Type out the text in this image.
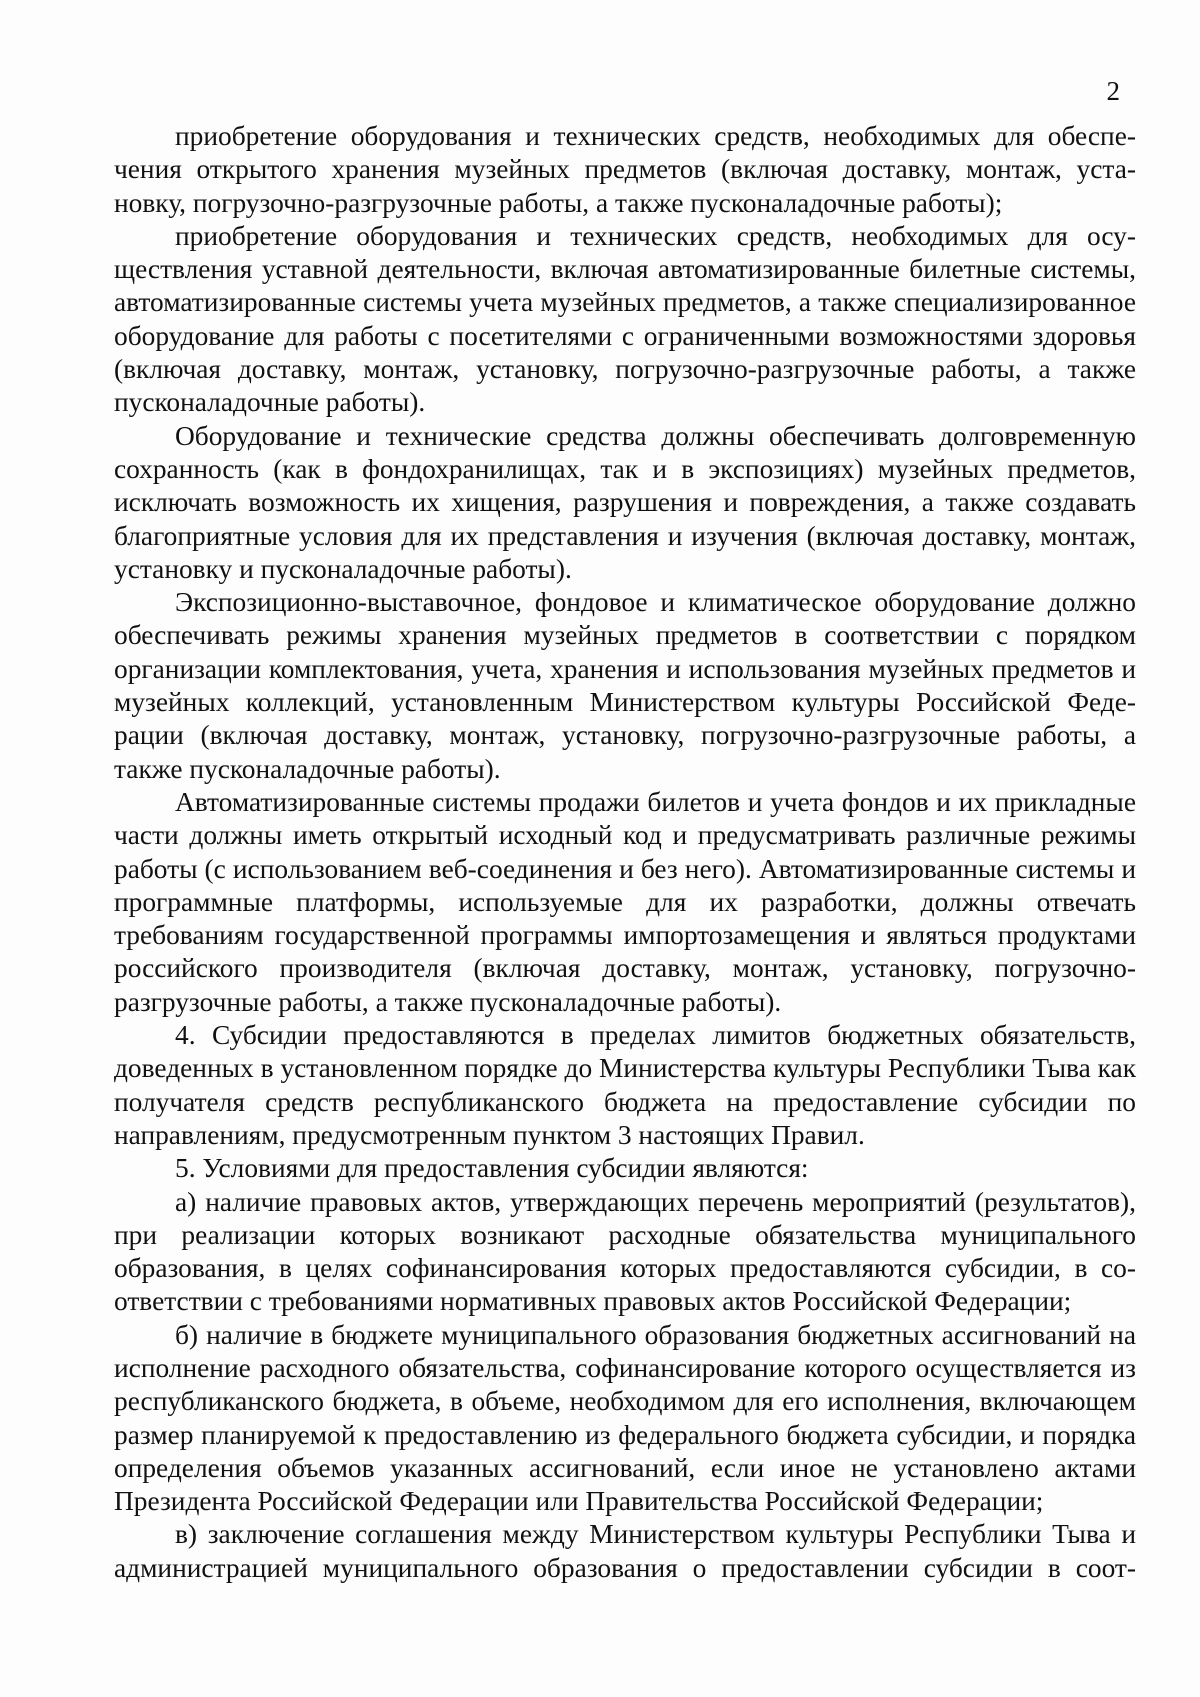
2

приобретение оборудования и технических средств, необходимых для обеспечения открытого хранения музейных предметов (включая доставку, монтаж, установку, погрузочно-разгрузочные работы, а также пусконаладочные работы);

приобретение оборудования и технических средств, необходимых для осуществления уставной деятельности, включая автоматизированные билетные системы, автоматизированные системы учета музейных предметов, а также специализированное оборудование для работы с посетителями с ограниченными возможностями здоровья (включая доставку, монтаж, установку, погрузочно-разгрузочные работы, а также пусконаладочные работы).

Оборудование и технические средства должны обеспечивать долговременную сохранность (как в фондохранилищах, так и в экспозициях) музейных предметов, исключать возможность их хищения, разрушения и повреждения, а также создавать благоприятные условия для их представления и изучения (включая доставку, монтаж, установку и пусконаладочные работы).

Экспозиционно-выставочное, фондовое и климатическое оборудование должно обеспечивать режимы хранения музейных предметов в соответствии с порядком организации комплектования, учета, хранения и использования музейных предметов и музейных коллекций, установленным Министерством культуры Российской Федерации (включая доставку, монтаж, установку, погрузочно-разгрузочные работы, а также пусконаладочные работы).

Автоматизированные системы продажи билетов и учета фондов и их прикладные части должны иметь открытый исходный код и предусматривать различные режимы работы (с использованием веб-соединения и без него). Автоматизированные системы и программные платформы, используемые для их разработки, должны отвечать требованиям государственной программы импортозамещения и являться продуктами российского производителя (включая доставку, монтаж, установку, погрузочно-разгрузочные работы, а также пусконаладочные работы).

4. Субсидии предоставляются в пределах лимитов бюджетных обязательств, доведенных в установленном порядке до Министерства культуры Республики Тыва как получателя средств республиканского бюджета на предоставление субсидии по направлениям, предусмотренным пунктом 3 настоящих Правил.

5. Условиями для предоставления субсидии являются:

а) наличие правовых актов, утверждающих перечень мероприятий (результатов), при реализации которых возникают расходные обязательства муниципального образования, в целях софинансирования которых предоставляются субсидии, в соответствии с требованиями нормативных правовых актов Российской Федерации;

б) наличие в бюджете муниципального образования бюджетных ассигнований на исполнение расходного обязательства, софинансирование которого осуществляется из республиканского бюджета, в объеме, необходимом для его исполнения, включающем размер планируемой к предоставлению из федерального бюджета субсидии, и порядка определения объемов указанных ассигнований, если иное не установлено актами Президента Российской Федерации или Правительства Российской Федерации;

в) заключение соглашения между Министерством культуры Республики Тыва и администрацией муниципального образования о предоставлении субсидии в соот-
